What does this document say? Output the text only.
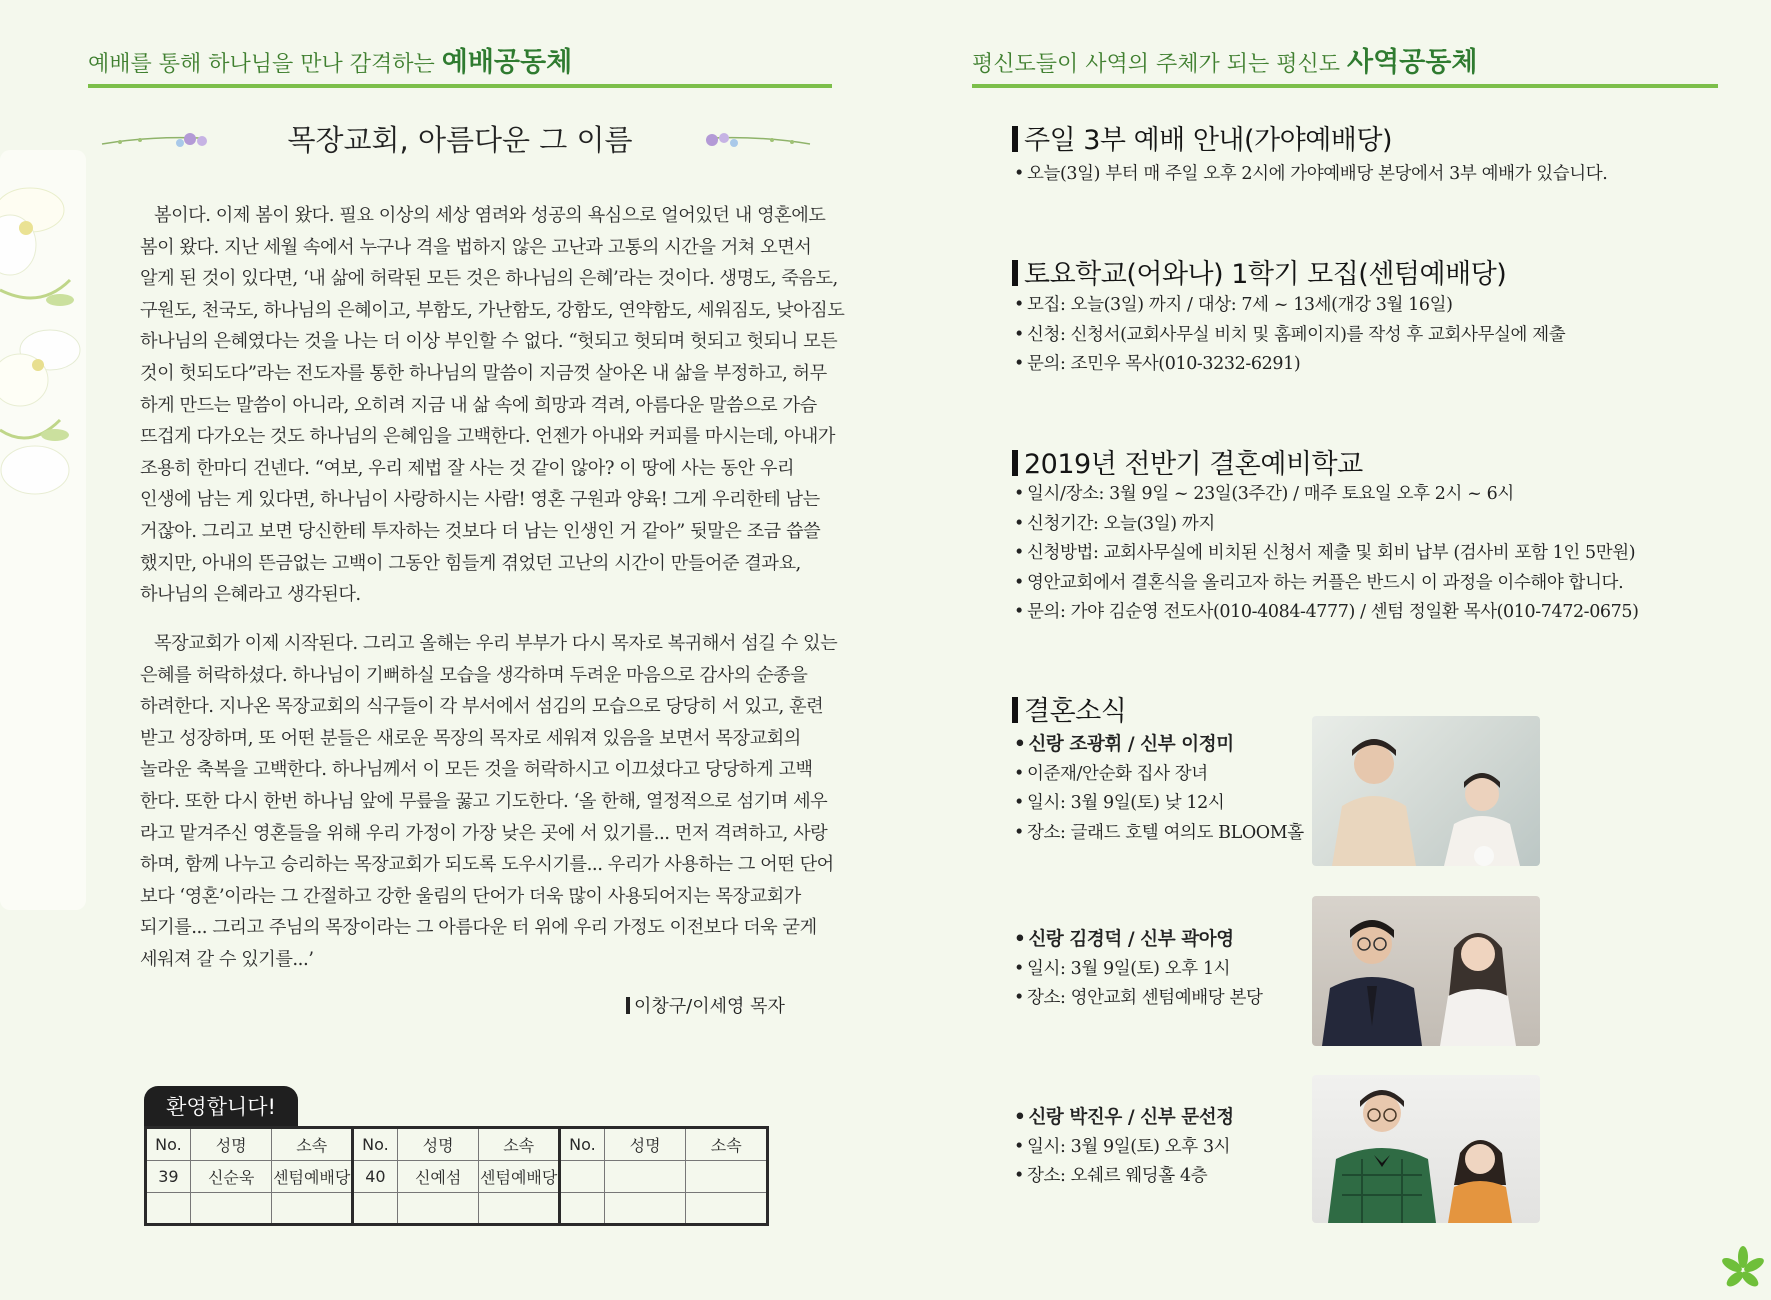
예배를 통해 하나님을 만나 감격하는 예배공동체	평신도들이 사역의 주체가 되는 평신도 사역공동체
목장교회, 아름다운 그 이름
봄이다. 이제 봄이 왔다. 필요 이상의 세상 염려와 성공의 욕심으로 얼어있던 내 영혼에도
봄이 왔다. 지난 세월 속에서 누구나 격을 법하지 않은 고난과 고통의 시간을 거쳐 오면서
알게 된 것이 있다면, ‘내 삶에 허락된 모든 것은 하나님의 은혜’라는 것이다. 생명도, 죽음도,
구원도, 천국도, 하나님의 은혜이고, 부함도, 가난함도, 강함도, 연약함도, 세워짐도, 낮아짐도
하나님의 은혜였다는 것을 나는 더 이상 부인할 수 없다. “헛되고 헛되며 헛되고 헛되니 모든
것이 헛되도다”라는 전도자를 통한 하나님의 말씀이 지금껏 살아온 내 삶을 부정하고, 허무
하게 만드는 말씀이 아니라, 오히려 지금 내 삶 속에 희망과 격려, 아름다운 말씀으로 가슴
뜨겁게 다가오는 것도 하나님의 은혜임을 고백한다. 언젠가 아내와 커피를 마시는데, 아내가
조용히 한마디 건넨다. “여보, 우리 제법 잘 사는 것 같이 않아? 이 땅에 사는 동안 우리
인생에 남는 게 있다면, 하나님이 사랑하시는 사람! 영혼 구원과 양육! 그게 우리한테 남는
거잖아. 그리고 보면 당신한테 투자하는 것보다 더 남는 인생인 거 같아” 뒷말은 조금 씁쓸
했지만, 아내의 뜬금없는 고백이 그동안 힘들게 겪었던 고난의 시간이 만들어준 결과요,
하나님의 은혜라고 생각된다.
목장교회가 이제 시작된다. 그리고 올해는 우리 부부가 다시 목자로 복귀해서 섬길 수 있는
은혜를 허락하셨다. 하나님이 기뻐하실 모습을 생각하며 두려운 마음으로 감사의 순종을
하려한다. 지나온 목장교회의 식구들이 각 부서에서 섬김의 모습으로 당당히 서 있고, 훈련
받고 성장하며, 또 어떤 분들은 새로운 목장의 목자로 세워져 있음을 보면서 목장교회의
놀라운 축복을 고백한다. 하나님께서 이 모든 것을 허락하시고 이끄셨다고 당당하게 고백
한다. 또한 다시 한번 하나님 앞에 무릎을 꿇고 기도한다. ‘올 한해, 열정적으로 섬기며 세우
라고 맡겨주신 영혼들을 위해 우리 가정이 가장 낮은 곳에 서 있기를... 먼저 격려하고, 사랑
하며, 함께 나누고 승리하는 목장교회가 되도록 도우시기를... 우리가 사용하는 그 어떤 단어
보다 ‘영혼’이라는 그 간절하고 강한 울림의 단어가 더욱 많이 사용되어지는 목장교회가
되기를... 그리고 주님의 목장이라는 그 아름다운 터 위에 우리 가정도 이전보다 더욱 굳게
세워져 갈 수 있기를...’
이창구/이세영 목자
환영합니다!
No.	성명	소속	No.	성명	소속	No.	성명	소속
39	신순욱	센텀예배당	40	신예섬	센텀예배당			

주일 3부 예배 안내(가야예배당)
• 오늘(3일) 부터 매 주일 오후 2시에 가야예배당 본당에서 3부 예배가 있습니다.
토요학교(어와나) 1학기 모집(센텀예배당)
• 모집: 오늘(3일) 까지 / 대상: 7세 ~ 13세(개강 3월 16일)
• 신청: 신청서(교회사무실 비치 및 홈페이지)를 작성 후 교회사무실에 제출
• 문의: 조민우 목사(010-3232-6291)
2019년 전반기 결혼예비학교
• 일시/장소: 3월 9일 ~ 23일(3주간) / 매주 토요일 오후 2시 ~ 6시
• 신청기간: 오늘(3일) 까지
• 신청방법: 교회사무실에 비치된 신청서 제출 및 회비 납부 (검사비 포함 1인 5만원)
• 영안교회에서 결혼식을 올리고자 하는 커플은 반드시 이 과정을 이수해야 합니다.
• 문의: 가야 김순영 전도사(010-4084-4777) / 센텀 정일환 목사(010-7472-0675)
결혼소식
• 신랑 조광휘 / 신부 이정미
• 이준재/안순화 집사 장녀
• 일시: 3월 9일(토) 낮 12시
• 장소: 글래드 호텔 여의도 BLOOM홀
• 신랑 김경덕 / 신부 곽아영
• 일시: 3월 9일(토) 오후 1시
• 장소: 영안교회 센텀예배당 본당
• 신랑 박진우 / 신부 문선정
• 일시: 3월 9일(토) 오후 3시
• 장소: 오쉐르 웨딩홀 4층
